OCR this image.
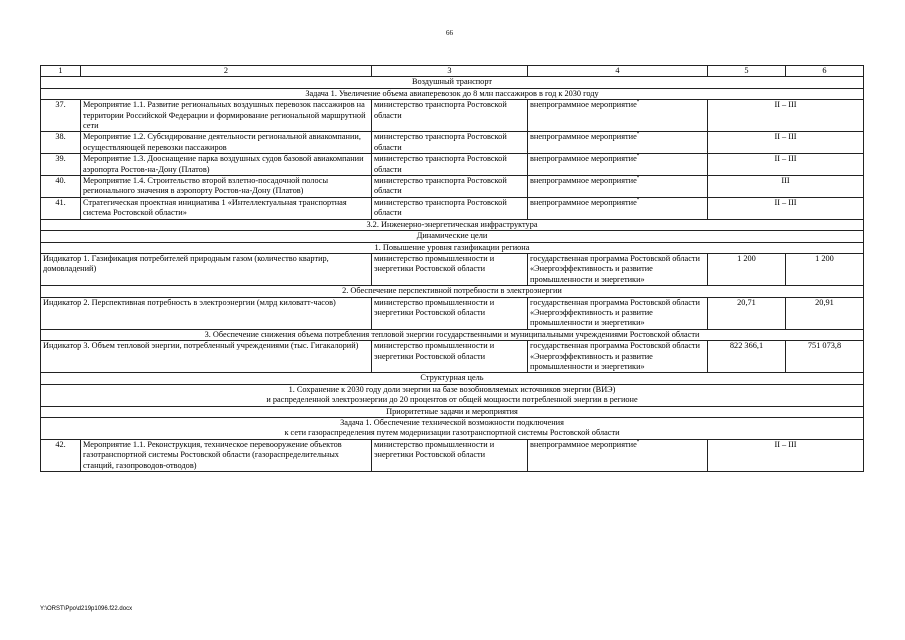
66
1	2	3	4	5	6
Воздушный транспорт					
Задача 1. Увеличение объема авиаперевозок до 8 млн пассажиров в год к 2030 году					
37.	Мероприятие 1.1. Развитие региональных воздушных перевозок пассажиров на территории Российской Федерации и формирование региональной маршрутной сети	министерство транспорта Ростовской области	внепрограммное мероприятие*	II – III	
38.	Мероприятие 1.2. Субсидирование деятельности региональной авиакомпании, осуществляющей перевозки пассажиров	министерство транспорта Ростовской области	внепрограммное мероприятие*	II – III	
39.	Мероприятие 1.3. Дооснащение парка воздушных судов базовой авиакомпании аэропорта Ростов-на-Дону (Платов)	министерство транспорта Ростовской области	внепрограммное мероприятие*	II – III	
40.	Мероприятие 1.4. Строительство второй взлетно-посадочной полосы регионального значения в аэропорту Ростов-на-Дону (Платов)	министерство транспорта Ростовской области	внепрограммное мероприятие*	III	
41.	Стратегическая проектная инициатива 1 «Интеллектуальная транспортная система Ростовской области»	министерство транспорта Ростовской области	внепрограммное мероприятие*	II – III	
3.2. Инженерно-энергетическая инфраструктура					
Динамические цели					
1. Повышение уровня газификации региона					
Индикатор 1. Газификация потребителей природным газом (количество квартир, домовладений)		министерство промышленности и энергетики Ростовской области	государственная программа Ростовской области «Энергоэффективность и развитие промышленности и энергетики»	1 200	1 200
2. Обеспечение перспективной потребности в электроэнергии					
Индикатор 2. Перспективная потребность в электроэнергии (млрд киловатт-часов)		министерство промышленности и энергетики Ростовской области	государственная программа Ростовской области «Энергоэффективность и развитие промышленности и энергетики»	20,71	20,91
3. Обеспечение снижения объема потребления тепловой энергии государственными и муниципальными учреждениями Ростовской области					
Индикатор 3. Объем тепловой энергии, потребленный учреждениями (тыс. Гигакалорий)		министерство промышленности и энергетики Ростовской области	государственная программа Ростовской области «Энергоэффективность и развитие промышленности и энергетики»	822 366,1	751 073,8
Структурная цель					

1. Сохранение к 2030 году доли энергии на базе возобновляемых источников энергии (ВИЭ)
и распределенной электроэнергии до 20 процентов от общей мощности потребленной энергии в регионе					

Приоритетные задачи и мероприятия					

Задача 1. Обеспечение технической возможности подключения
к сети газораспределения путем модернизации газотранспортной системы Ростовской области					

42.	Мероприятие 1.1. Реконструкция, техническое перевооружение объектов газотранспортной системы Ростовской области (газораспределительных станций, газопроводов-отводов)	министерство промышленности и энергетики Ростовской области	внепрограммное мероприятие*	II – III	
Y:\ORST\Ppo\d219p1096.f22.docx
